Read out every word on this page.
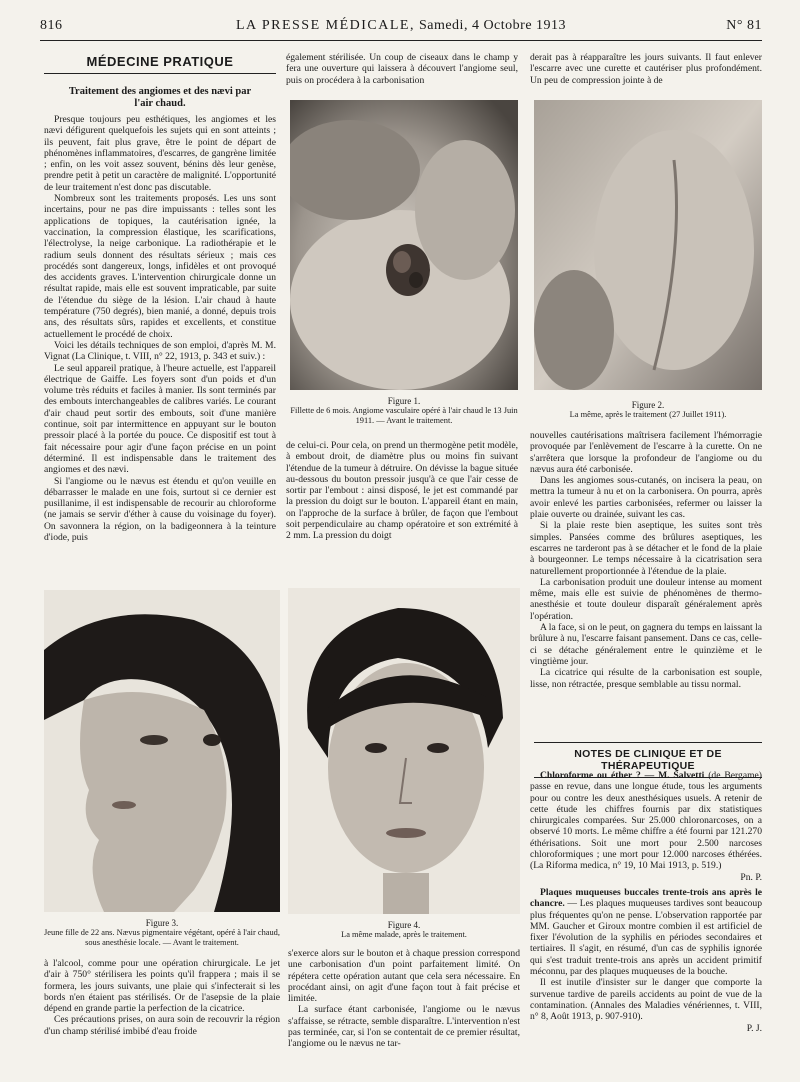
816	LA PRESSE MÉDICALE, Samedi, 4 Octobre 1913	N° 81
MÉDECINE PRATIQUE
Traitement des angiomes et des nævi par l'air chaud.

Presque toujours peu esthétiques, les angiomes et les nævi défigurent quelquefois les sujets qui en sont atteints ; ils peuvent, fait plus grave, être le point de départ de phénomènes inflammatoires, d'escarres, de gangrène limitée ; enfin, on les voit assez souvent, bénins dès leur genèse, prendre petit à petit un caractère de malignité. L'opportunité de leur traitement n'est donc pas discutable.

Nombreux sont les traitements proposés. Les uns sont incertains, pour ne pas dire impuissants : telles sont les applications de topiques, la cautérisation ignée, la vaccination, la compression élastique, les scarifications, l'électrolyse, la neige carbonique. La radiothérapie et le radium seuls donnent des résultats sérieux ; mais ces procédés sont dangereux, longs, infidèles et ont provoqué des accidents graves. L'intervention chirurgicale donne un résultat rapide, mais elle est souvent impraticable, par suite de l'étendue du siège de la lésion. L'air chaud à haute température (750 degrés), bien manié, a donné, depuis trois ans, des résultats sûrs, rapides et excellents, et constitue actuellement le procédé de choix.

Voici les détails techniques de son emploi, d'après M. M. Vignat (La Clinique, t. VIII, n° 22, 1913, p. 343 et suiv.) :

Le seul appareil pratique, à l'heure actuelle, est l'appareil électrique de Gaiffe. Les foyers sont d'un poids et d'un volume très réduits et faciles à manier. Ils sont terminés par des embouts interchangeables de calibres variés. Le courant d'air chaud peut sortir des embouts, soit d'une manière continue, soit par intermittence en appuyant sur le bouton pressoir placé à la portée du pouce. Ce dispositif est tout à fait nécessaire pour agir d'une façon précise en un point déterminé. Il est indispensable dans le traitement des angiomes et des nævi.

Si l'angiome ou le nævus est étendu et qu'on veuille en débarrasser le malade en une fois, surtout si ce dernier est pusillanime, il est indispensable de recourir au chloroforme (ne jamais se servir d'éther à cause du voisinage du foyer). On savonnera la région, on la badigeonnera à la teinture d'iode, puis

également stérilisée. Un coup de ciseaux dans le champ y fera une ouverture qui laissera à découvert l'angiome seul, puis on procédera à la carbonisation

Figure 1.
Fillette de 6 mois. Angiome vasculaire opéré à l'air chaud le 13 Juin 1911. — Avant le traitement.

de celui-ci. Pour cela, on prend un thermogène petit modèle, à embout droit, de diamètre plus ou moins fin suivant l'étendue de la tumeur à détruire. On dévisse la bague située au-dessous du bouton pressoir jusqu'à ce que l'air cesse de sortir par l'embout : ainsi disposé, le jet est commandé par la pression du doigt sur le bouton. L'appareil étant en main, on l'approche de la surface à brûler, de façon que l'embout soit perpendiculaire au champ opératoire et son extrémité à 2 mm. La pression du doigt

derait pas à réapparaître les jours suivants. Il faut enlever l'escarre avec une curette et cautériser plus profondément. Un peu de compression jointe à de

Figure 2.
La même, après le traitement (27 Juillet 1911).

nouvelles cautérisations maîtrisera facilement l'hémorragie provoquée par l'enlèvement de l'escarre à la curette. On ne s'arrêtera que lorsque la profondeur de l'angiome ou du nævus aura été carbonisée.

Dans les angiomes sous-cutanés, on incisera la peau, on mettra la tumeur à nu et on la carbonisera. On pourra, après avoir enlevé les parties carbonisées, refermer ou laisser la plaie ouverte ou drainée, suivant les cas.

Si la plaie reste bien aseptique, les suites sont très simples. Pansées comme des brûlures aseptiques, les escarres ne tarderont pas à se détacher et le fond de la plaie à bourgeonner. Le temps nécessaire à la cicatrisation sera naturellement proportionnée à l'étendue de la plaie.

La carbonisation produit une douleur intense au moment même, mais elle est suivie de phénomènes de thermo-anesthésie et toute douleur disparaît généralement après l'opération.

A la face, si on le peut, on gagnera du temps en laissant la brûlure à nu, l'escarre faisant pansement. Dans ce cas, celle-ci se détache généralement entre le quinzième et le vingtième jour.

La cicatrice qui résulte de la carbonisation est souple, lisse, non rétractée, presque semblable au tissu normal.

Figure 3.
Jeune fille de 22 ans. Nævus pigmentaire végétant, opéré à l'air chaud, sous anesthésie locale. — Avant le traitement.
Figure 4.
La même malade, après le traitement.

à l'alcool, comme pour une opération chirurgicale. Le jet d'air à 750° stérilisera les points qu'il frappera ; mais il se formera, les jours suivants, une plaie qui s'infecterait si les bords n'en étaient pas stérilisés. Or de l'asepsie de la plaie dépend en grande partie la perfection de la cicatrice.

Ces précautions prises, on aura soin de recouvrir la région d'un champ stérilisé imbibé d'eau froide

s'exerce alors sur le bouton et à chaque pression correspond une carbonisation d'un point parfaitement limité. On répétera cette opération autant que cela sera nécessaire. En procédant ainsi, on agit d'une façon tout à fait précise et limitée.

La surface étant carbonisée, l'angiome ou le nævus s'affaisse, se rétracte, semble disparaître. L'intervention n'est pas terminée, car, si l'on se contentait de ce premier résultat, l'angiome ou le nævus ne tar-

NOTES DE CLINIQUE ET DE THÉRAPEUTIQUE

Chloroforme ou éther ? — M. Salvetti (de Bergame) passe en revue, dans une longue étude, tous les arguments pour ou contre les deux anesthésiques usuels. A retenir de cette étude les chiffres fournis par dix statistiques chirurgicales comparées. Sur 25.000 chloronarcoses, on a observé 10 morts. Le même chiffre a été fourni par 121.270 éthérisations. Soit une mort pour 2.500 narcoses chloroformiques ; une mort pour 12.000 narcoses éthérées. (La Riforma medica, n° 19, 10 Mai 1913, p. 519.)

Pn. P.

Plaques muqueuses buccales trente-trois ans après le chancre. — Les plaques muqueuses tardives sont beaucoup plus fréquentes qu'on ne pense. L'observation rapportée par MM. Gaucher et Giroux montre combien il est artificiel de fixer l'évolution de la syphilis en périodes secondaires et tertiaires. Il s'agit, en résumé, d'un cas de syphilis ignorée qui s'est traduit trente-trois ans après un accident primitif méconnu, par des plaques muqueuses de la bouche.

Il est inutile d'insister sur le danger que comporte la survenue tardive de pareils accidents au point de vue de la contamination. (Annales des Maladies vénériennes, t. VIII, n° 8, Août 1913, p. 907-910).

P. J.
